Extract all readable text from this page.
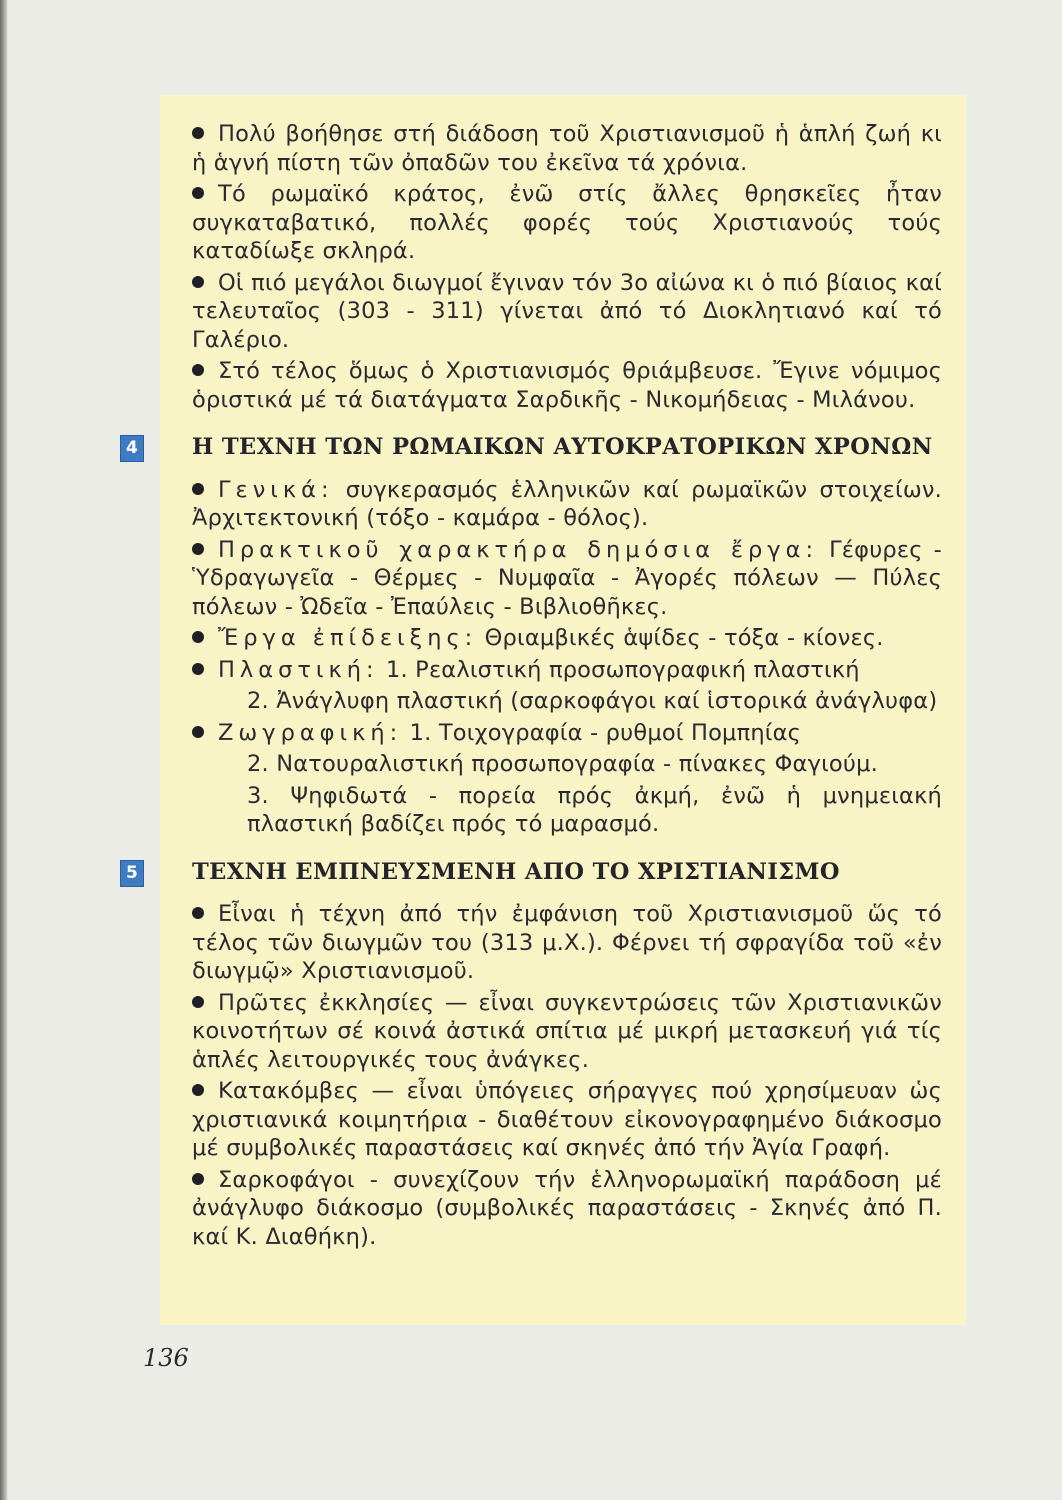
Πολύ βοήθησε στή διάδοση τοῦ Χριστιανισμοῦ ἡ ἁπλή ζωή κι ἡ ἁγνή πίστη τῶν ὀπαδῶν του ἐκεῖνα τά χρόνια.

Τό ρωμαϊκό κράτος, ἐνῶ στίς ἄλλες θρησκεῖες ἦταν συγκαταβατικό, πολλές φορές τούς Χριστιανούς τούς καταδίωξε σκληρά.

Οἱ πιό μεγάλοι διωγμοί ἔγιναν τόν 3ο αἰώνα κι ὁ πιό βίαιος καί τελευταῖος (303 - 311) γίνεται ἀπό τό Διοκλητιανό καί τό Γαλέριο.

Στό τέλος ὅμως ὁ Χριστιανισμός θριάμβευσε. Ἔγινε νόμιμος ὁριστικά μέ τά διατάγματα Σαρδικῆς - Νικομήδειας - Μιλάνου.

4 Η ΤΕΧΝΗ ΤΩΝ ΡΩΜΑΙΚΩΝ ΑΥΤΟΚΡΑΤΟΡΙΚΩΝ ΧΡΟΝΩΝ

Γενικά: συγκερασμός ἑλληνικῶν καί ρωμαϊκῶν στοιχείων. Ἀρχιτεκτονική (τόξο - καμάρα - θόλος).

Πρακτικοῦ χαρακτήρα δημόσια ἔργα: Γέφυρες - Ὑδραγωγεῖα - Θέρμες - Νυμφαῖα - Ἀγορές πόλεων — Πύλες πόλεων - Ὠδεῖα - Ἐπαύλεις - Βιβλιοθῆκες.

Ἔργα ἐπίδειξης: Θριαμβικές ἁψίδες - τόξα - κίονες.

Πλαστική: 1. Ρεαλιστική προσωπογραφική πλαστική

2. Ἀνάγλυφη πλαστική (σαρκοφάγοι καί ἱστορικά ἀνάγλυφα)

Ζωγραφική: 1. Τοιχογραφία - ρυθμοί Πομπηίας

2. Νατουραλιστική προσωπογραφία - πίνακες Φαγιούμ.

3. Ψηφιδωτά - πορεία πρός ἀκμή, ἐνῶ ἡ μνημειακή πλαστική βαδίζει πρός τό μαρασμό.

5 ΤΕΧΝΗ ΕΜΠΝΕΥΣΜΕΝΗ ΑΠΟ ΤΟ ΧΡΙΣΤΙΑΝΙΣΜΟ

Εἶναι ἡ τέχνη ἀπό τήν ἐμφάνιση τοῦ Χριστιανισμοῦ ὥς τό τέλος τῶν διωγμῶν του (313 μ.Χ.). Φέρνει τή σφραγίδα τοῦ «ἐν διωγμῷ» Χριστιανισμοῦ.

Πρῶτες ἐκκλησίες — εἶναι συγκεντρώσεις τῶν Χριστιανικῶν κοινοτήτων σέ κοινά ἀστικά σπίτια μέ μικρή μετασκευή γιά τίς ἁπλές λειτουργικές τους ἀνάγκες.

Κατακόμβες — εἶναι ὑπόγειες σήραγγες πού χρησίμευαν ὡς χριστιανικά κοιμητήρια - διαθέτουν εἰκονογραφημένο διάκοσμο μέ συμβολικές παραστάσεις καί σκηνές ἀπό τήν Ἁγία Γραφή.

Σαρκοφάγοι - συνεχίζουν τήν ἑλληνορωμαϊκή παράδοση μέ ἀνάγλυφο διάκοσμο (συμβολικές παραστάσεις - Σκηνές ἀπό Π. καί Κ. Διαθήκη).

136
